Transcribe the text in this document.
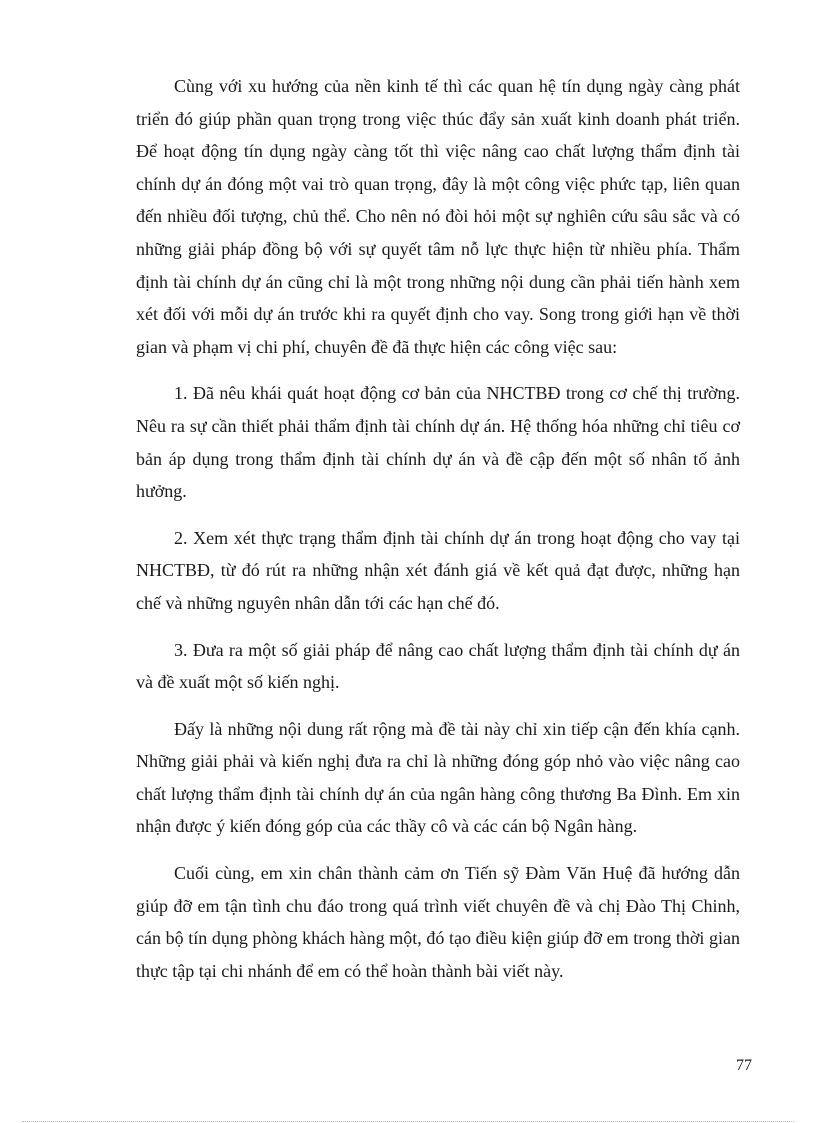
Cùng với xu hướng của nền kinh tế thì các quan hệ tín dụng ngày càng phát triển đó giúp phần quan trọng trong việc thúc đẩy sản xuất kinh doanh phát triển. Để hoạt động tín dụng ngày càng tốt thì việc nâng cao chất lượng thẩm định tài chính dự án đóng một vai trò quan trọng, đây là một công việc phức tạp, liên quan đến nhiều đối tượng, chủ thể. Cho nên nó đòi hỏi một sự nghiên cứu sâu sắc và có những giải pháp đồng bộ với sự quyết tâm nỗ lực thực hiện từ nhiều phía. Thẩm định tài chính dự án cũng chỉ là một trong những nội dung cần phải tiến hành xem xét đối với mỗi dự án trước khi ra quyết định cho vay. Song trong giới hạn về thời gian và phạm vị chi phí, chuyên đề đã thực hiện các công việc sau:

1. Đã nêu khái quát hoạt động cơ bản của NHCTBĐ trong cơ chế thị trường. Nêu ra sự cần thiết phải thẩm định tài chính dự án. Hệ thống hóa những chỉ tiêu cơ bản áp dụng trong thẩm định tài chính dự án và đề cập đến một số nhân tố ảnh hưởng.

2. Xem xét thực trạng thẩm định tài chính dự án trong hoạt động cho vay tại NHCTBĐ, từ đó rút ra những nhận xét đánh giá về kết quả đạt được, những hạn chế và những nguyên nhân dẫn tới các hạn chế đó.

3. Đưa ra một số giải pháp để nâng cao chất lượng thẩm định tài chính dự án và đề xuất một số kiến nghị.

Đấy là những nội dung rất rộng mà đề tài này chỉ xin tiếp cận đến khía cạnh. Những giải phải và kiến nghị đưa ra chỉ là những đóng góp nhỏ vào việc nâng cao chất lượng thẩm định tài chính dự án của ngân hàng công thương Ba Đình. Em xin nhận được ý kiến đóng góp của các thầy cô và các cán bộ Ngân hàng.

Cuối cùng, em xin chân thành cảm ơn Tiến sỹ Đàm Văn Huệ đã hướng dẫn giúp đỡ em tận tình chu đáo trong quá trình viết chuyên đề và chị Đào Thị Chinh, cán bộ tín dụng phòng khách hàng một, đó tạo điều kiện giúp đỡ em trong thời gian thực tập tại chi nhánh để em có thể hoàn thành bài viết này.

77
